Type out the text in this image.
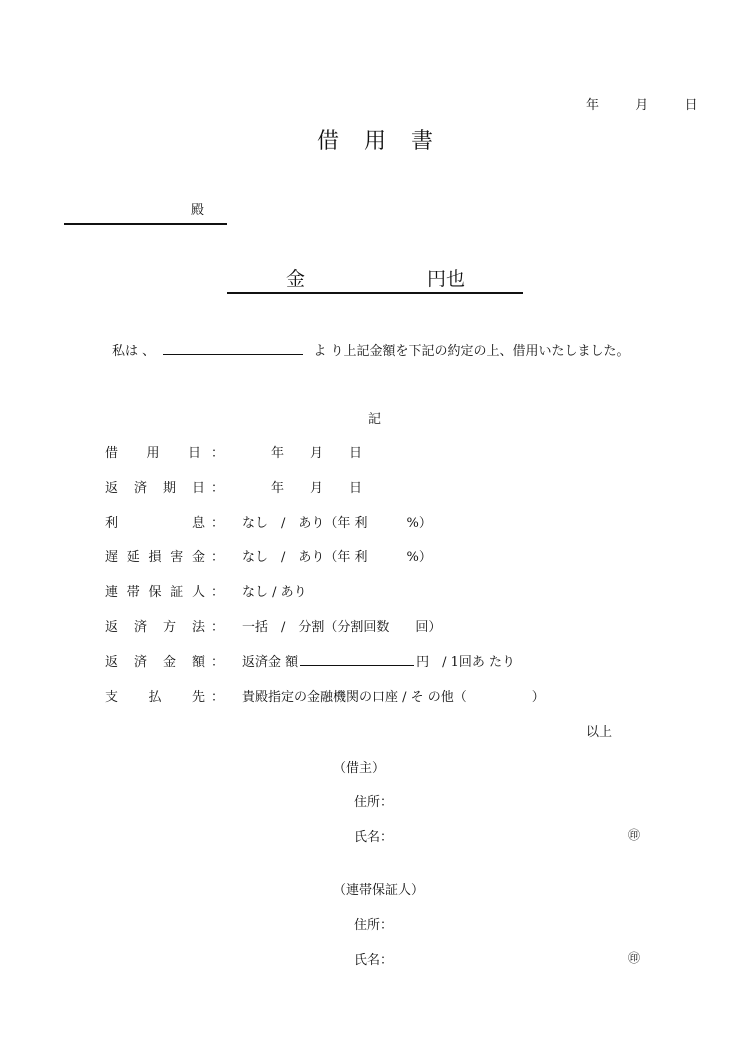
年	月	日
借 用 書
殿
金	円也
私は 、	よ り上記金額を下記の約定の上、借用いたしました。
記
借 用 日 ：	年　　月　　日
返 済 期 日 ：	年　　月　　日
利	息 ： なし　/　あり（年 利　　　%）
遅 延 損 害 金 ： なし　/　あり（年 利　　　%）
連 帯 保 証 人 ： なし / あり
返 済 方 法 ： 一括　/　分割（分割回数　　回）
返 済 金 額 ： 返済金 額	円　/ 1回あ たり
支 払 先 ： 貴殿指定の金融機関の口座 / そ の他（　　　　　）
以上
（借主）
住所：
氏名：	㊞
（連帯保証人）
住所：
氏名：	㊞
